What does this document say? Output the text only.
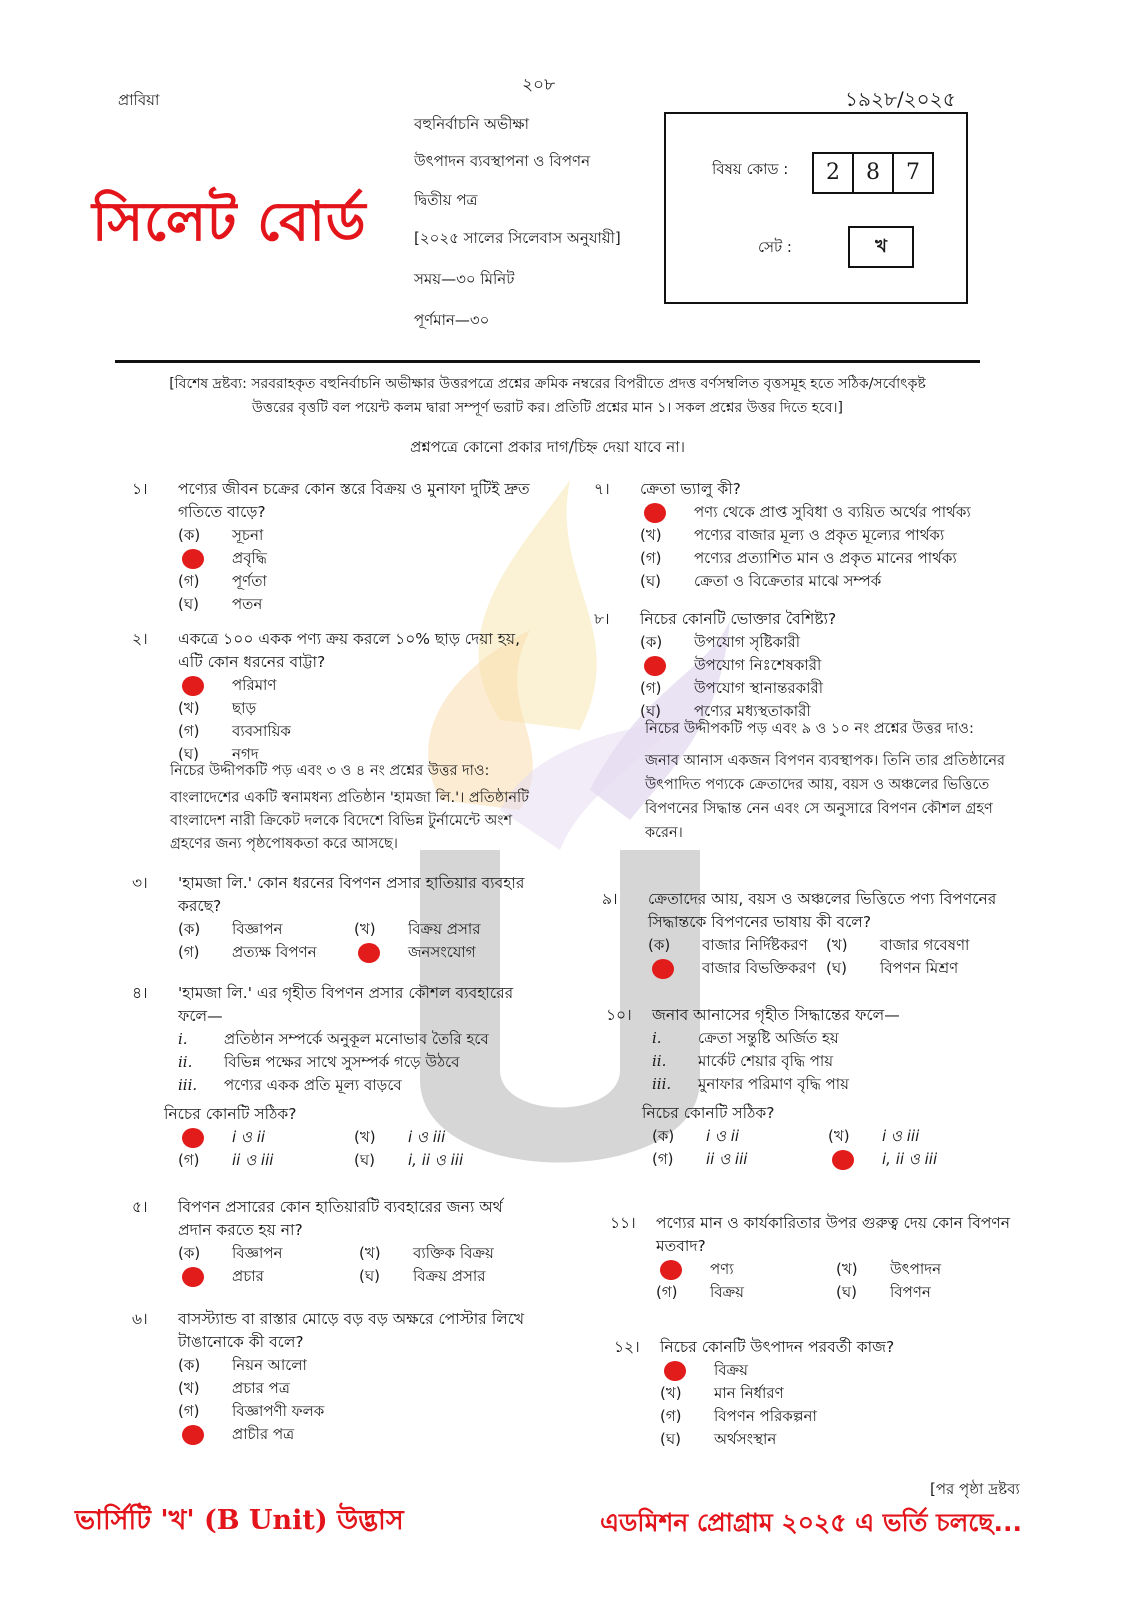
প্রাবিয়া
২০৮
১৯২৮/২০২৫
সিলেট বোর্ড
বহুনির্বাচনি অভীক্ষা
উৎপাদন ব্যবস্থাপনা ও বিপণন
দ্বিতীয় পত্র
[২০২৫ সালের সিলেবাস অনুযায়ী]
সময়—৩০ মিনিট
পূর্ণমান—৩০
বিষয় কোড :	2 8 7
সেট :	খ
[বিশেষ দ্রষ্টব্য: সরবরাহকৃত বহুনির্বাচনি অভীক্ষার উত্তরপত্রে প্রশ্নের ক্রমিক নম্বরের বিপরীতে প্রদত্ত বর্ণসম্বলিত বৃত্তসমূহ হতে সঠিক/সর্বোৎকৃষ্ট
উত্তরের বৃত্তটি বল পয়েন্ট কলম দ্বারা সম্পূর্ণ ভরাট কর। প্রতিটি প্রশ্নের মান ১। সকল প্রশ্নের উত্তর দিতে হবে।]
প্রশ্নপত্রে কোনো প্রকার দাগ/চিহ্ন দেয়া যাবে না।
১। পণ্যের জীবন চক্রের কোন স্তরে বিক্রয় ও মুনাফা দুটিই দ্রুত গতিতে বাড়ে?
(ক)	সূচনা
প্রবৃদ্ধি
(গ)	পূর্ণতা
(ঘ)	পতন
২। একত্রে ১০০ একক পণ্য ক্রয় করলে ১০% ছাড় দেয়া হয়, এটি কোন ধরনের বাট্টা?
পরিমাণ
(খ)	ছাড়
(গ)	ব্যবসায়িক
(ঘ)	নগদ
নিচের উদ্দীপকটি পড় এবং ৩ ও ৪ নং প্রশ্নের উত্তর দাও:
বাংলাদেশের একটি স্বনামধন্য প্রতিষ্ঠান 'হামজা লি.'। প্রতিষ্ঠানটি বাংলাদেশ নারী ক্রিকেট দলকে বিদেশে বিভিন্ন টুর্নামেন্টে অংশ গ্রহণের জন্য পৃষ্ঠপোষকতা করে আসছে।
৩। 'হামজা লি.' কোন ধরনের বিপণন প্রসার হাতিয়ার ব্যবহার করছে?
(ক)	বিজ্ঞাপন	(খ)	বিক্রয় প্রসার
(গ)	প্রত্যক্ষ বিপণন	জনসংযোগ
৪। 'হামজা লি.' এর গৃহীত বিপণন প্রসার কৌশল ব্যবহারের ফলে—
i. প্রতিষ্ঠান সম্পর্কে অনুকূল মনোভাব তৈরি হবে
ii. বিভিন্ন পক্ষের সাথে সুসম্পর্ক গড়ে উঠবে
iii. পণ্যের একক প্রতি মূল্য বাড়বে
নিচের কোনটি সঠিক?
i ও ii	(খ)	i ও iii
(গ)	ii ও iii	(ঘ)	i, ii ও iii
৫। বিপণন প্রসারের কোন হাতিয়ারটি ব্যবহারের জন্য অর্থ প্রদান করতে হয় না?
(ক)	বিজ্ঞাপন	(খ)	ব্যক্তিক বিক্রয়
প্রচার	(ঘ)	বিক্রয় প্রসার
৬। বাসস্ট্যান্ড বা রাস্তার মোড়ে বড় বড় অক্ষরে পোস্টার লিখে টাঙানোকে কী বলে?
(ক)	নিয়ন আলো
(খ)	প্রচার পত্র
(গ)	বিজ্ঞাপণী ফলক
প্রাচীর পত্র
৭। ক্রেতা ভ্যালু কী?
পণ্য থেকে প্রাপ্ত সুবিধা ও ব্যয়িত অর্থের পার্থক্য
(খ)	পণ্যের বাজার মূল্য ও প্রকৃত মূল্যের পার্থক্য
(গ)	পণ্যের প্রত্যাশিত মান ও প্রকৃত মানের পার্থক্য
(ঘ)	ক্রেতা ও বিক্রেতার মাঝে সম্পর্ক
৮। নিচের কোনটি ভোক্তার বৈশিষ্ট্য?
(ক)	উপযোগ সৃষ্টিকারী
উপযোগ নিঃশেষকারী
(গ)	উপযোগ স্থানান্তরকারী
(ঘ)	পণ্যের মধ্যস্থতাকারী
নিচের উদ্দীপকটি পড় এবং ৯ ও ১০ নং প্রশ্নের উত্তর দাও:
জনাব আনাস একজন বিপণন ব্যবস্থাপক। তিনি তার প্রতিষ্ঠানের উৎপাদিত পণ্যকে ক্রেতাদের আয়, বয়স ও অঞ্চলের ভিত্তিতে বিপণনের সিদ্ধান্ত নেন এবং সে অনুসারে বিপণন কৌশল গ্রহণ করেন।
৯। ক্রেতাদের আয়, বয়স ও অঞ্চলের ভিত্তিতে পণ্য বিপণনের সিদ্ধান্তকে বিপণনের ভাষায় কী বলে?
(ক)	বাজার নির্দিষ্টকরণ	(খ)	বাজার গবেষণা
বাজার বিভক্তিকরণ (ঘ)	বিপণন মিশ্রণ
১০। জনাব আনাসের গৃহীত সিদ্ধান্তের ফলে—
i. ক্রেতা সন্তুষ্টি অর্জিত হয়
ii. মার্কেট শেয়ার বৃদ্ধি পায়
iii. মুনাফার পরিমাণ বৃদ্ধি পায়
নিচের কোনটি সঠিক?
(ক)	i ও ii	(খ)	i ও iii
(গ)	ii ও iii	i, ii ও iii
১১। পণ্যের মান ও কার্যকারিতার উপর গুরুত্ব দেয় কোন বিপণন মতবাদ?
পণ্য	(খ)	উৎপাদন
(গ)	বিক্রয়	(ঘ)	বিপণন
১২। নিচের কোনটি উৎপাদন পরবর্তী কাজ?
বিক্রয়
(খ)	মান নির্ধারণ
(গ)	বিপণন পরিকল্পনা
(ঘ)	অর্থসংস্থান
[পর পৃষ্ঠা দ্রষ্টব্য
ভার্সিটি 'খ' (B Unit) উদ্ভাস	এডমিশন প্রোগ্রাম ২০২৫ এ ভর্তি চলছে...
